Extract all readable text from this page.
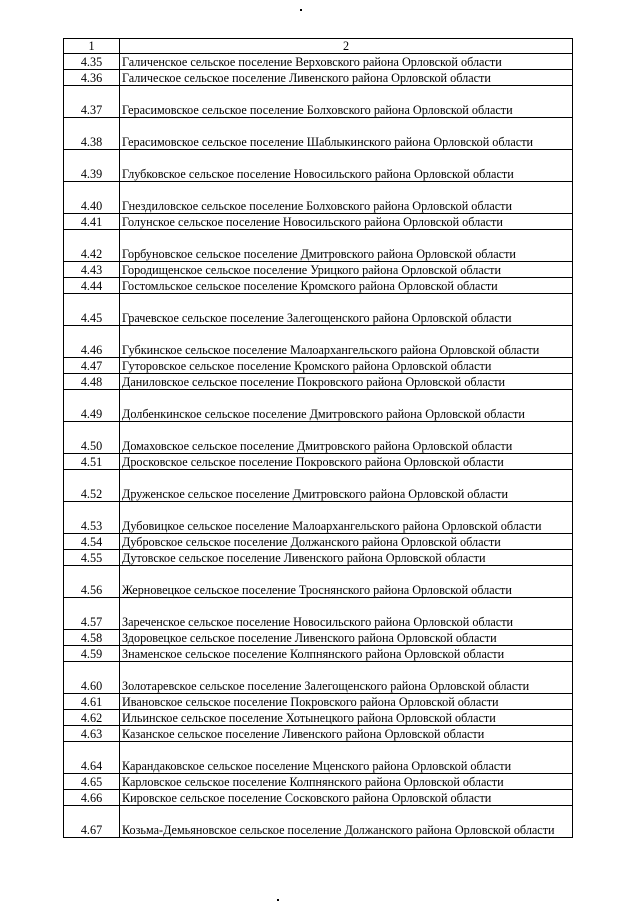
1	2
4.35	Галиченское сельское поселение Верховского района Орловской области
4.36	Галическое сельское поселение Ливенского района Орловской области
4.37	Герасимовское сельское поселение Болховского района Орловской области
4.38	Герасимовское сельское поселение Шаблыкинского района Орловской области
4.39	Глубковское сельское поселение Новосильского района Орловской области
4.40	Гнездиловское сельское поселение Болховского района Орловской области
4.41	Голунское сельское поселение Новосильского района Орловской области
4.42	Горбуновское сельское поселение Дмитровского района Орловской области
4.43	Городищенское сельское поселение Урицкого района Орловской области
4.44	Гостомльское сельское поселение Кромского района Орловской области
4.45	Грачевское сельское поселение Залегощенского района Орловской области
4.46	Губкинское сельское поселение Малоархангельского района Орловской области
4.47	Гуторовское сельское поселение Кромского района Орловской области
4.48	Даниловское сельское поселение Покровского района Орловской области
4.49	Долбенкинское сельское поселение Дмитровского района Орловской области
4.50	Домаховское сельское поселение Дмитровского района Орловской области
4.51	Дросковское сельское поселение Покровского района Орловской области
4.52	Друженское сельское поселение Дмитровского района Орловской области
4.53	Дубовицкое сельское поселение Малоархангельского района Орловской области
4.54	Дубровское сельское поселение Должанского района Орловской области
4.55	Дутовское сельское поселение Ливенского района Орловской области
4.56	Жерновецкое сельское поселение Троснянского района Орловской области
4.57	Зареченское сельское поселение Новосильского района Орловской области
4.58	Здоровецкое сельское поселение Ливенского района Орловской области
4.59	Знаменское сельское поселение Колпнянского района Орловской области
4.60	Золотаревское сельское поселение Залегощенского района Орловской области
4.61	Ивановское сельское поселение Покровского района Орловской области
4.62	Ильинское сельское поселение Хотынецкого района Орловской области
4.63	Казанское сельское поселение Ливенского района Орловской области
4.64	Карандаковское сельское поселение Мценского района Орловской области
4.65	Карловское сельское поселение Колпнянского района Орловской области
4.66	Кировское сельское поселение Сосковского района Орловской области
4.67	Козьма-Демьяновское сельское поселение Должанского района Орловской области
